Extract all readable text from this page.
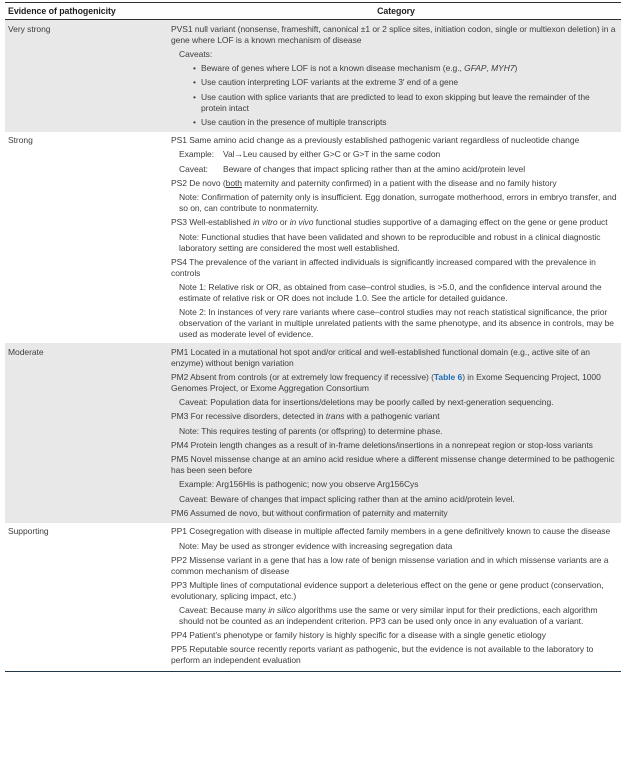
Evidence of pathogenicity	Category
Very strong	PVS1 null variant (nonsense, frameshift, canonical ±1 or 2 splice sites, initiation codon, single or multiexon deletion) in a gene where LOF is a known mechanism of disease
Caveats:
• Beware of genes where LOF is not a known disease mechanism (e.g., GFAP, MYH7)
• Use caution interpreting LOF variants at the extreme 3′ end of a gene
• Use caution with splice variants that are predicted to lead to exon skipping but leave the remainder of the protein intact
• Use caution in the presence of multiple transcripts
Strong	PS1 Same amino acid change as a previously established pathogenic variant regardless of nucleotide change
Example:	Val→Leu caused by either G>C or G>T in the same codon
Caveat:	Beware of changes that impact splicing rather than at the amino acid/protein level
PS2 De novo (both maternity and paternity confirmed) in a patient with the disease and no family history
Note: Confirmation of paternity only is insufficient. Egg donation, surrogate motherhood, errors in embryo transfer, and so on, can contribute to nonmaternity.
PS3 Well-established in vitro or in vivo functional studies supportive of a damaging effect on the gene or gene product
Note: Functional studies that have been validated and shown to be reproducible and robust in a clinical diagnostic laboratory setting are considered the most well established.
PS4 The prevalence of the variant in affected individuals is significantly increased compared with the prevalence in controls
Note 1: Relative risk or OR, as obtained from case–control studies, is >5.0, and the confidence interval around the estimate of relative risk or OR does not include 1.0. See the article for detailed guidance.
Note 2: In instances of very rare variants where case–control studies may not reach statistical significance, the prior observation of the variant in multiple unrelated patients with the same phenotype, and its absence in controls, may be used as moderate level of evidence.
Moderate	PM1 Located in a mutational hot spot and/or critical and well-established functional domain (e.g., active site of an enzyme) without benign variation
PM2 Absent from controls (or at extremely low frequency if recessive) (Table 6) in Exome Sequencing Project, 1000 Genomes Project, or Exome Aggregation Consortium
Caveat: Population data for insertions/deletions may be poorly called by next-generation sequencing.
PM3 For recessive disorders, detected in trans with a pathogenic variant
Note: This requires testing of parents (or offspring) to determine phase.
PM4 Protein length changes as a result of in-frame deletions/insertions in a nonrepeat region or stop-loss variants
PM5 Novel missense change at an amino acid residue where a different missense change determined to be pathogenic has been seen before
Example: Arg156His is pathogenic; now you observe Arg156Cys
Caveat: Beware of changes that impact splicing rather than at the amino acid/protein level.
PM6 Assumed de novo, but without confirmation of paternity and maternity
Supporting	PP1 Cosegregation with disease in multiple affected family members in a gene definitively known to cause the disease
Note: May be used as stronger evidence with increasing segregation data
PP2 Missense variant in a gene that has a low rate of benign missense variation and in which missense variants are a common mechanism of disease
PP3 Multiple lines of computational evidence support a deleterious effect on the gene or gene product (conservation, evolutionary, splicing impact, etc.)
Caveat: Because many in silico algorithms use the same or very similar input for their predictions, each algorithm should not be counted as an independent criterion. PP3 can be used only once in any evaluation of a variant.
PP4 Patient’s phenotype or family history is highly specific for a disease with a single genetic etiology
PP5 Reputable source recently reports variant as pathogenic, but the evidence is not available to the laboratory to perform an independent evaluation
